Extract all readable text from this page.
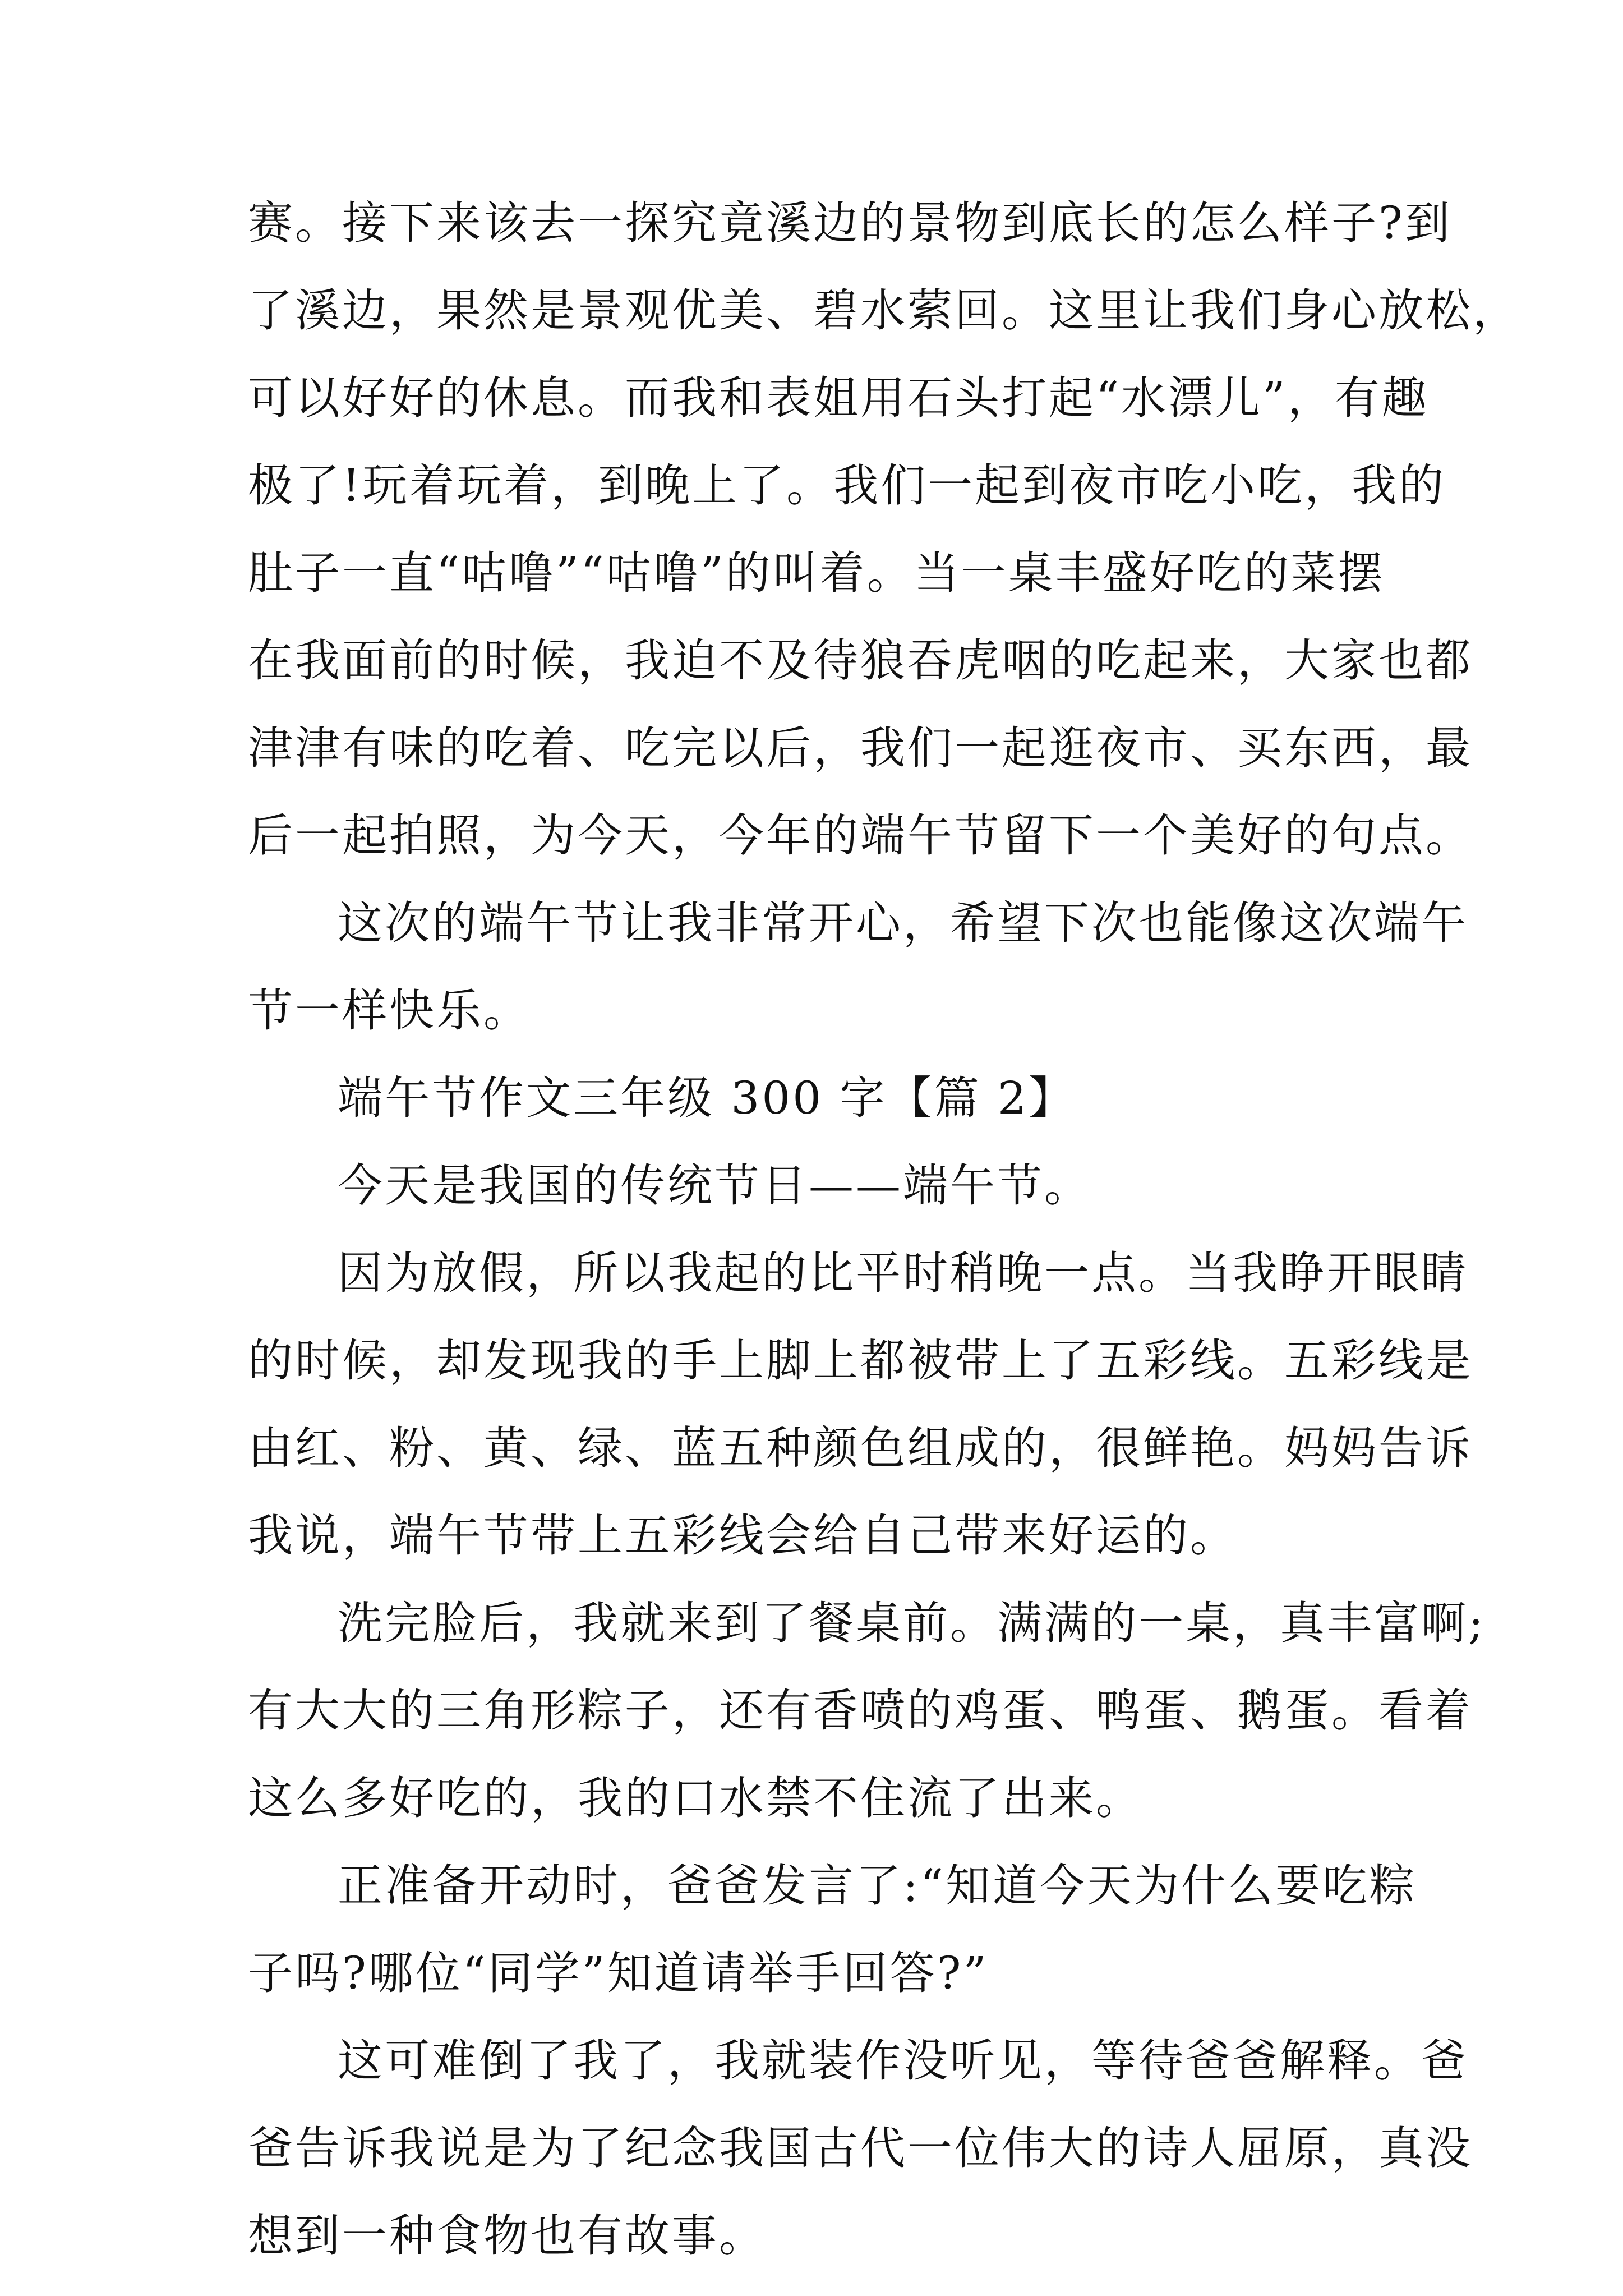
赛。接下来该去一探究竟溪边的景物到底长的怎么样子?到

了溪边，果然是景观优美、碧水萦回。这里让我们身心放松，

可以好好的休息。而我和表姐用石头打起“水漂儿”，有趣

极了!玩着玩着，到晚上了。我们一起到夜市吃小吃，我的

肚子一直“咕噜”“咕噜”的叫着。当一桌丰盛好吃的菜摆

在我面前的时候，我迫不及待狼吞虎咽的吃起来，大家也都

津津有味的吃着、吃完以后，我们一起逛夜市、买东西，最

后一起拍照，为今天，今年的端午节留下一个美好的句点。

这次的端午节让我非常开心，希望下次也能像这次端午

节一样快乐。

端午节作文三年级 300 字【篇 2】

今天是我国的传统节日——端午节。

因为放假，所以我起的比平时稍晚一点。当我睁开眼睛

的时候，却发现我的手上脚上都被带上了五彩线。五彩线是

由红、粉、黄、绿、蓝五种颜色组成的，很鲜艳。妈妈告诉

我说，端午节带上五彩线会给自己带来好运的。

洗完脸后，我就来到了餐桌前。满满的一桌，真丰富啊;

有大大的三角形粽子，还有香喷的鸡蛋、鸭蛋、鹅蛋。看着

这么多好吃的，我的口水禁不住流了出来。

正准备开动时，爸爸发言了:“知道今天为什么要吃粽

子吗?哪位“同学”知道请举手回答?”

这可难倒了我了，我就装作没听见，等待爸爸解释。爸

爸告诉我说是为了纪念我国古代一位伟大的诗人屈原，真没

想到一种食物也有故事。
